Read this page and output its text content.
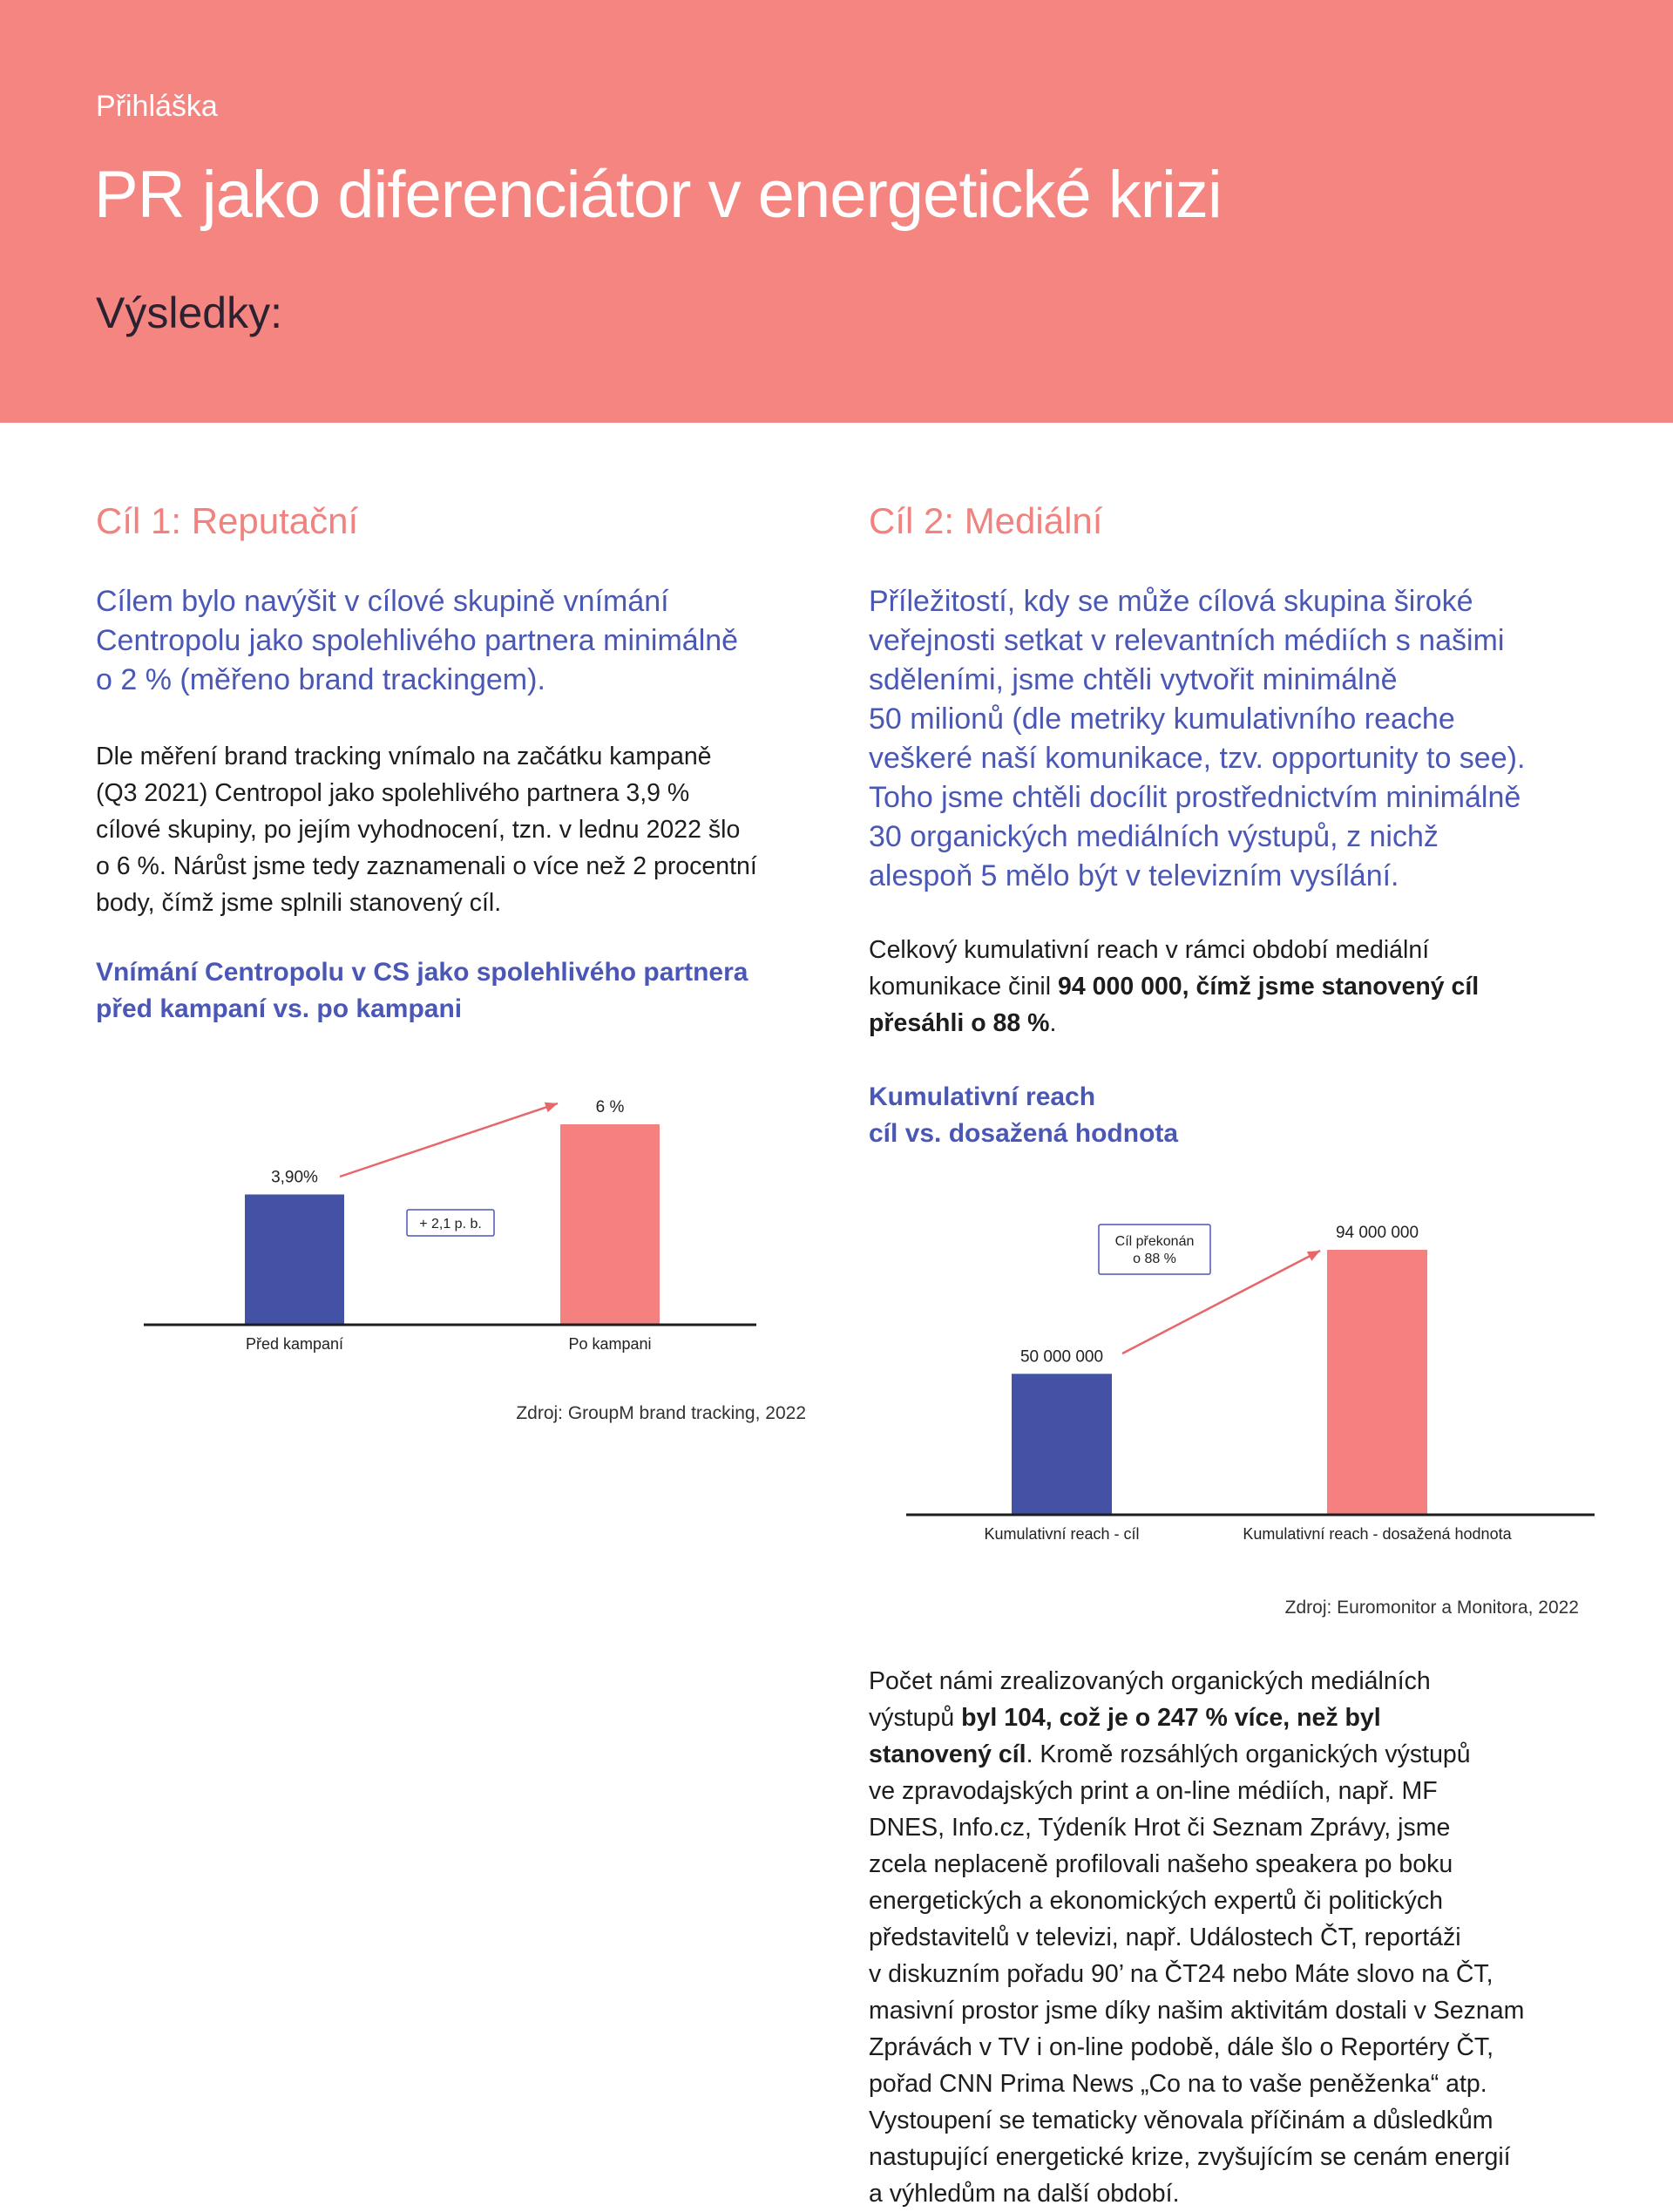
Přihláška
PR jako diferenciátor v energetické krizi
Výsledky:
Cíl 1: Reputační
Cílem bylo navýšit v cílové skupině vnímání
Centropolu jako spolehlivého partnera minimálně
o 2 % (měřeno brand trackingem).
Dle měření brand tracking vnímalo na začátku kampaně
(Q3 2021) Centropol jako spolehlivého partnera 3,9 %
cílové skupiny, po jejím vyhodnocení, tzn. v lednu 2022 šlo
o 6 %. Nárůst jsme tedy zaznamenali o více než 2 procentní
body, čímž jsme splnili stanovený cíl.
Vnímání Centropolu v CS jako spolehlivého partnera
před kampaní vs. po kampani
3,90%
Před kampaní
6 %
Po kampani
+ 2,1 p. b.
Zdroj: GroupM brand tracking, 2022
Cíl 2: Mediální
Příležitostí, kdy se může cílová skupina široké
veřejnosti setkat v relevantních médiích s našimi
sděleními, jsme chtěli vytvořit minimálně
50 milionů (dle metriky kumulativního reache
veškeré naší komunikace, tzv. opportunity to see).
Toho jsme chtěli docílit prostřednictvím minimálně
30 organických mediálních výstupů, z nichž
alespoň 5 mělo být v televizním vysílání.
Celkový kumulativní reach v rámci období mediální
komunikace činil 94 000 000, čímž jsme stanovený cíl
přesáhli o 88 %.
Kumulativní reach
cíl vs. dosažená hodnota
50 000 000
Kumulativní reach - cíl
94 000 000
Kumulativní reach - dosažená hodnota
Cíl překonán
o 88 %
Zdroj: Euromonitor a Monitora, 2022
Počet námi zrealizovaných organických mediálních
výstupů byl 104, což je o 247 % více, než byl
stanovený cíl. Kromě rozsáhlých organických výstupů
ve zpravodajských print a on-line médiích, např. MF
DNES, Info.cz, Týdeník Hrot či Seznam Zprávy, jsme
zcela neplaceně profilovali našeho speakera po boku
energetických a ekonomických expertů či politických
představitelů v televizi, např. Událostech ČT, reportáži
v diskuzním pořadu 90’ na ČT24 nebo Máte slovo na ČT,
masivní prostor jsme díky našim aktivitám dostali v Seznam
Zprávách v TV i on-line podobě, dále šlo o Reportéry ČT,
pořad CNN Prima News „Co na to vaše peněženka“ atp.
Vystoupení se tematicky věnovala příčinám a důsledkům
nastupující energetické krize, zvyšujícím se cenám energií
a výhledům na další období.
